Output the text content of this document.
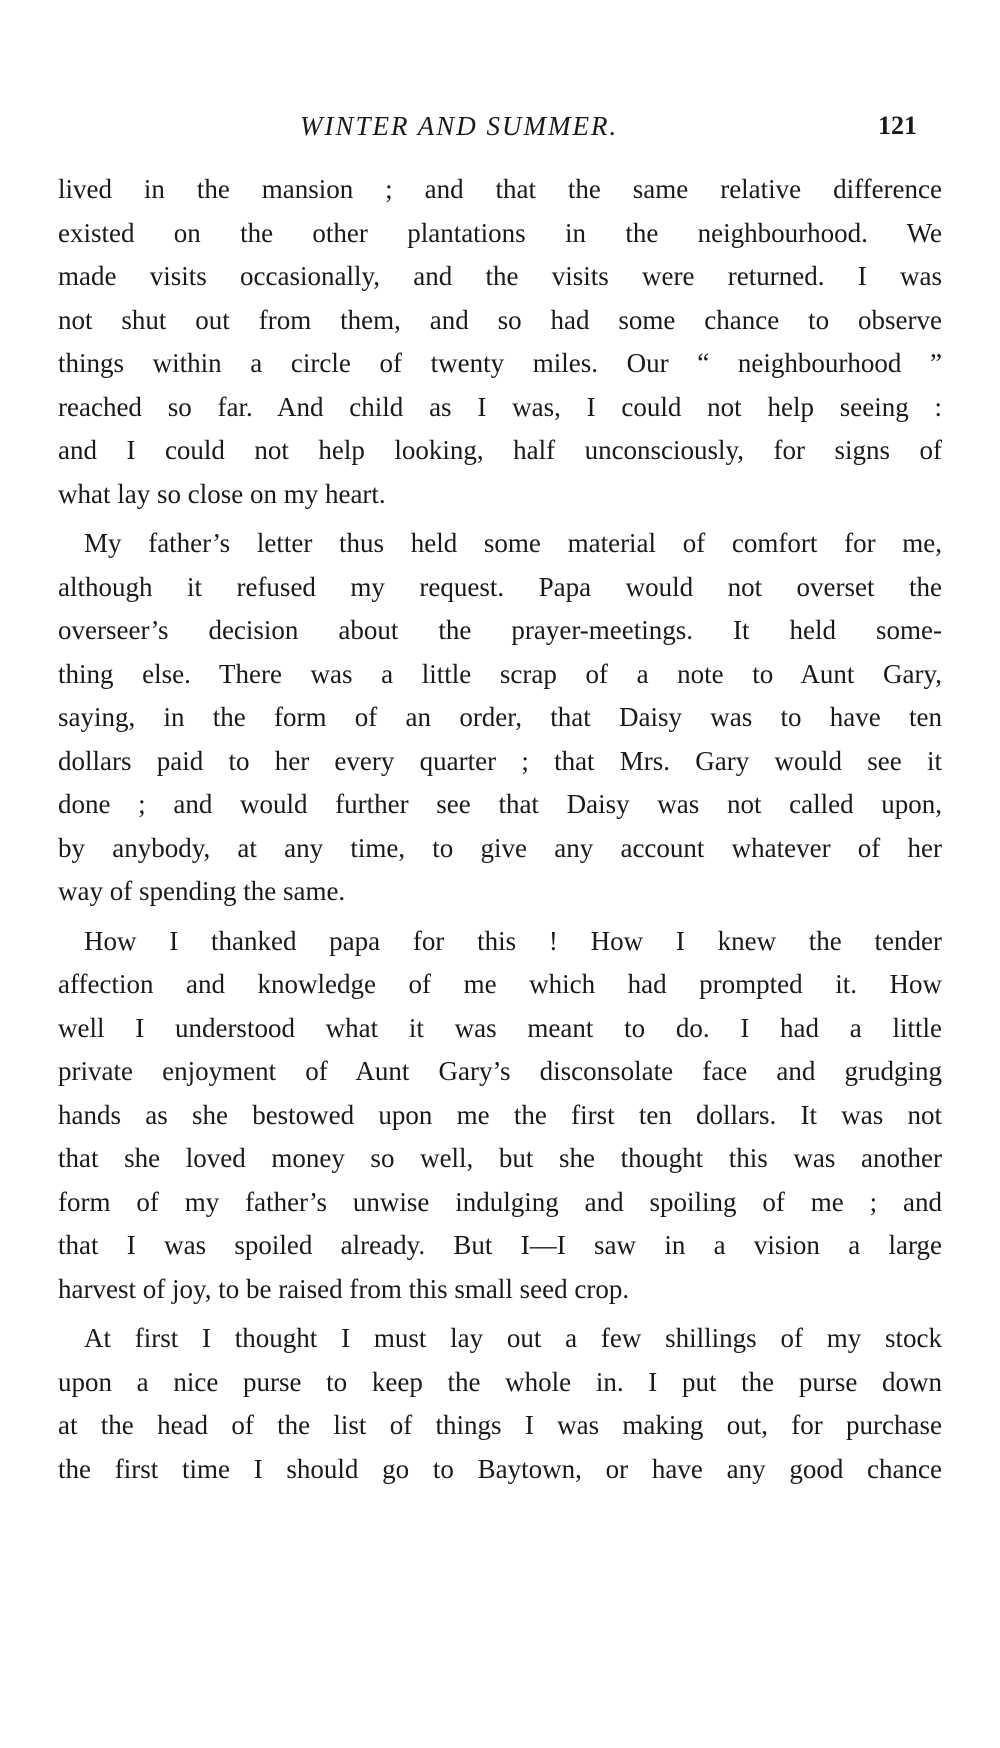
WINTER AND SUMMER.	121
lived in the mansion ; and that the same relative difference
existed on the other plantations in the neighbourhood. We
made visits occasionally, and the visits were returned. I was
not shut out from them, and so had some chance to observe
things within a circle of twenty miles. Our “ neighbourhood ”
reached so far. And child as I was, I could not help seeing :
and I could not help looking, half unconsciously, for signs of
what lay so close on my heart.
My father’s letter thus held some material of comfort for me,
although it refused my request. Papa would not overset the
overseer’s decision about the prayer-meetings. It held some-
thing else. There was a little scrap of a note to Aunt Gary,
saying, in the form of an order, that Daisy was to have ten
dollars paid to her every quarter ; that Mrs. Gary would see it
done ; and would further see that Daisy was not called upon,
by anybody, at any time, to give any account whatever of her
way of spending the same.
How I thanked papa for this ! How I knew the tender
affection and knowledge of me which had prompted it. How
well I understood what it was meant to do. I had a little
private enjoyment of Aunt Gary’s disconsolate face and grudging
hands as she bestowed upon me the first ten dollars. It was not
that she loved money so well, but she thought this was another
form of my father’s unwise indulging and spoiling of me ; and
that I was spoiled already. But I—I saw in a vision a large
harvest of joy, to be raised from this small seed crop.
At first I thought I must lay out a few shillings of my stock
upon a nice purse to keep the whole in. I put the purse down
at the head of the list of things I was making out, for purchase
the first time I should go to Baytown, or have any good chance
